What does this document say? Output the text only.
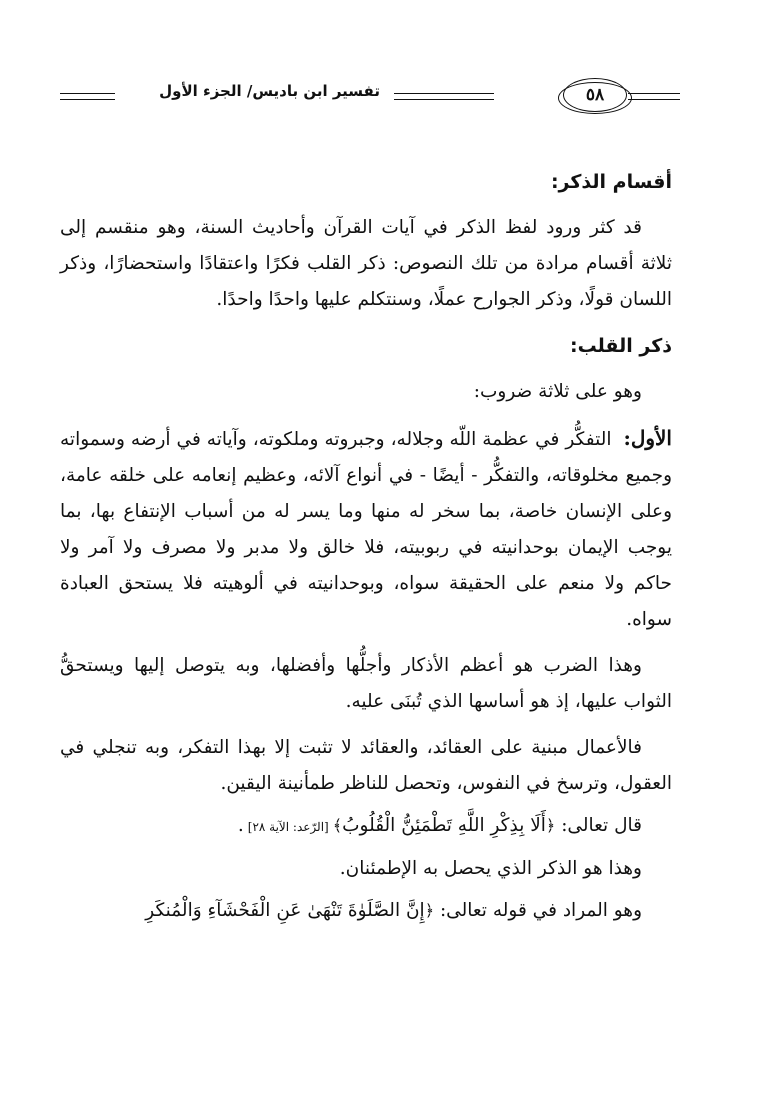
٥٨
تفسير ابن باديس/ الجزء الأول
أقسام الذكر:

قد كثر ورود لفظ الذكر في آيات القرآن وأحاديث السنة، وهو منقسم إلى ثلاثة أقسام مرادة من تلك النصوص: ذكر القلب فكرًا واعتقادًا واستحضارًا، وذكر اللسان قولًا، وذكر الجوارح عملًا، وسنتكلم عليها واحدًا واحدًا.

ذكر القلب:

وهو على ثلاثة ضروب:

الأول:  التفكُّر في عظمة اللّه وجلاله، وجبروته وملكوته، وآياته في أرضه وسمواته وجميع مخلوقاته، والتفكُّر - أيضًا - في أنواع آلائه، وعظيم إنعامه على خلقه عامة، وعلى الإنسان خاصة، بما سخر له منها وما يسر له من أسباب الإنتفاع بها، بما يوجب الإيمان بوحدانيته في ربوبيته، فلا خالق ولا مدبر ولا مصرف ولا آمر ولا حاكم ولا منعم على الحقيقة سواه، وبوحدانيته في ألوهيته فلا يستحق العبادة سواه.

وهذا الضرب هو أعظم الأذكار وأجلُّها وأفضلها، وبه يتوصل إليها ويستحقُّ الثواب عليها، إذ هو أساسها الذي تُبنَى عليه.

فالأعمال مبنية على العقائد، والعقائد لا تثبت إلا بهذا التفكر، وبه تنجلي في العقول، وترسخ في النفوس، وتحصل للناظر طمأنينة اليقين.

قال تعالى: ﴿أَلَا بِذِكْرِ اللَّهِ تَطْمَئِنُّ الْقُلُوبُ﴾[الرّعد: الآية ٢٨].

وهذا هو الذكر الذي يحصل به الإطمئنان.

وهو المراد في قوله تعالى: ﴿إِنَّ الصَّلَوٰةَ تَنْهَىٰ عَنِ الْفَحْشَآءِ وَالْمُنكَرِ
